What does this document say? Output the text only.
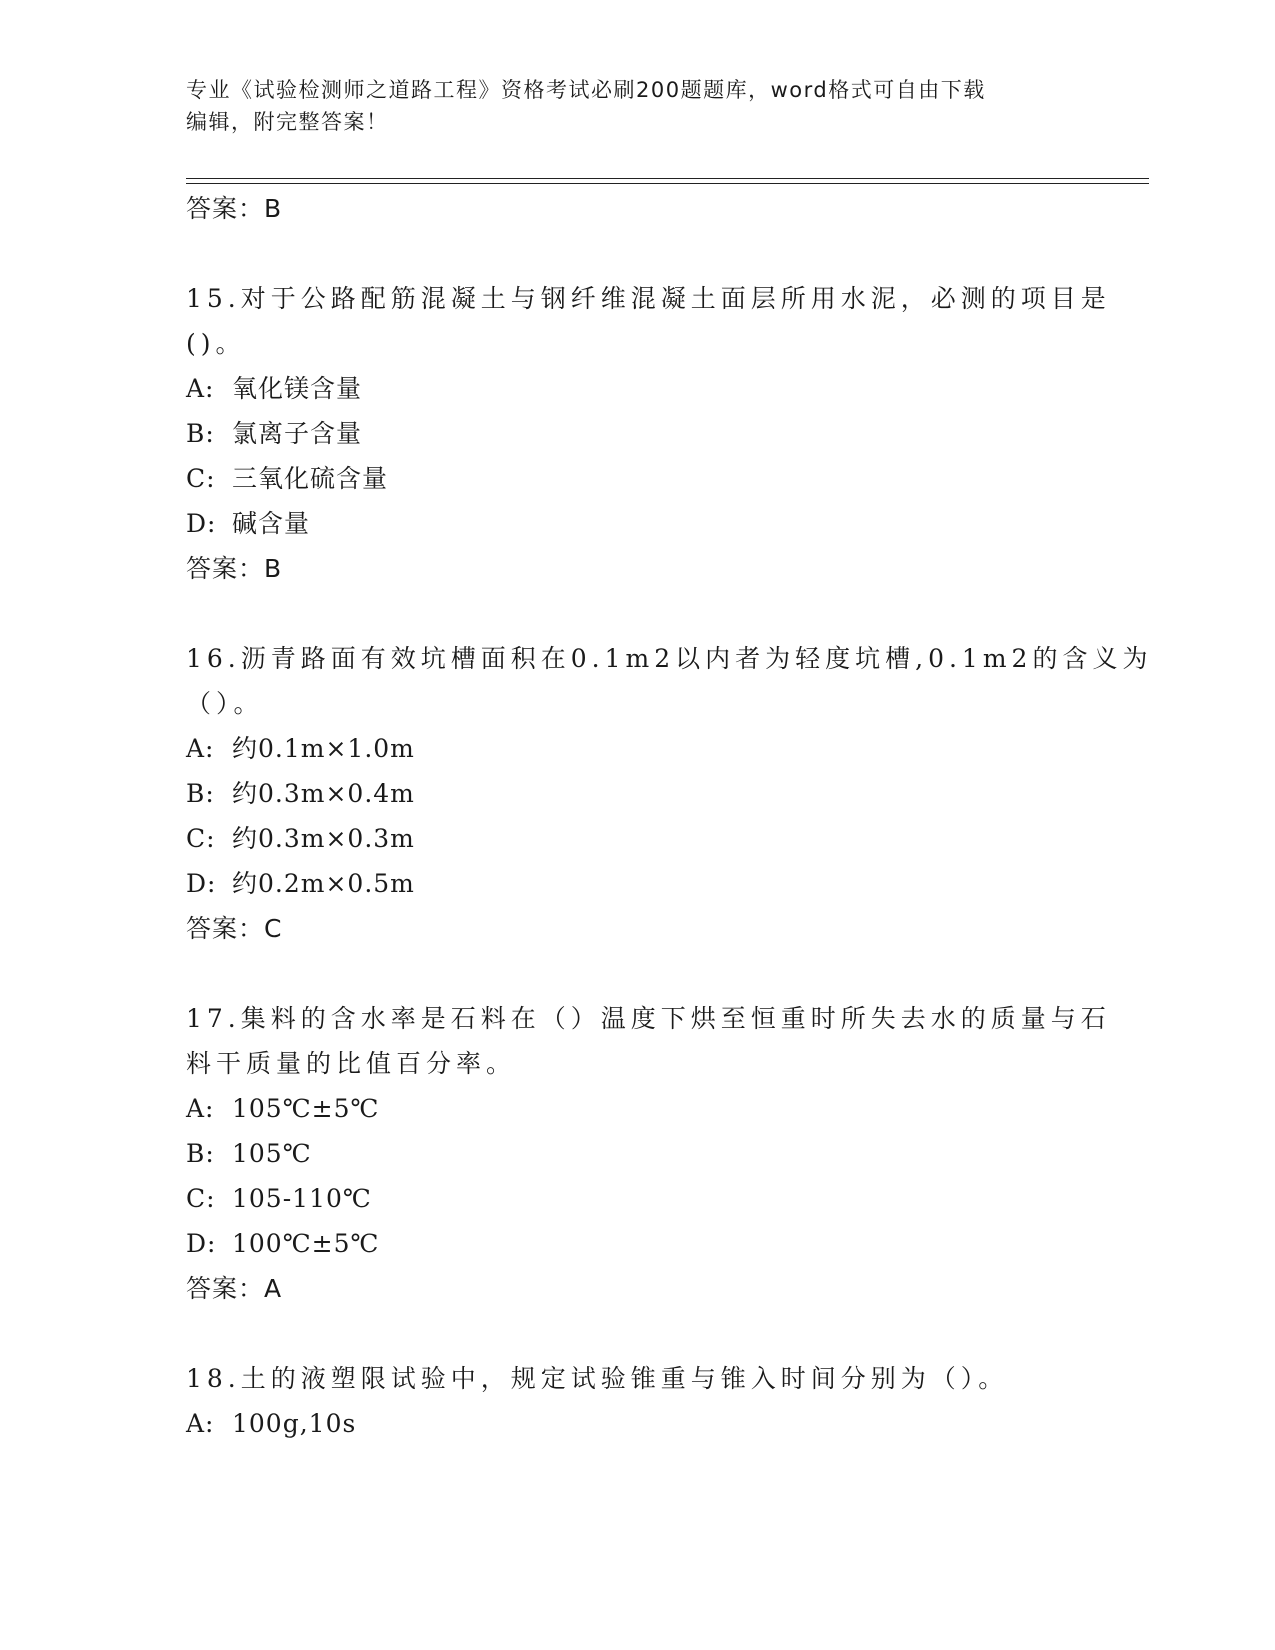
专业《试验检测师之道路工程》资格考试必刷200题题库，word格式可自由下载
编辑，附完整答案！
答案：B
15.对于公路配筋混凝土与钢纤维混凝土面层所用水泥，必测的项目是
()。
A: 氧化镁含量
B: 氯离子含量
C: 三氧化硫含量
D: 碱含量
答案：B
16.沥青路面有效坑槽面积在0.1m2以内者为轻度坑槽,0.1m2的含义为
（）。
A: 约0.1m×1.0m
B: 约0.3m×0.4m
C: 约0.3m×0.3m
D: 约0.2m×0.5m
答案：C
17.集料的含水率是石料在（）温度下烘至恒重时所失去水的质量与石
料干质量的比值百分率。
A: 105℃±5℃
B: 105℃
C: 105-110℃
D: 100℃±5℃
答案：A
18.土的液塑限试验中，规定试验锥重与锥入时间分别为（）。
A: 100g,10s
